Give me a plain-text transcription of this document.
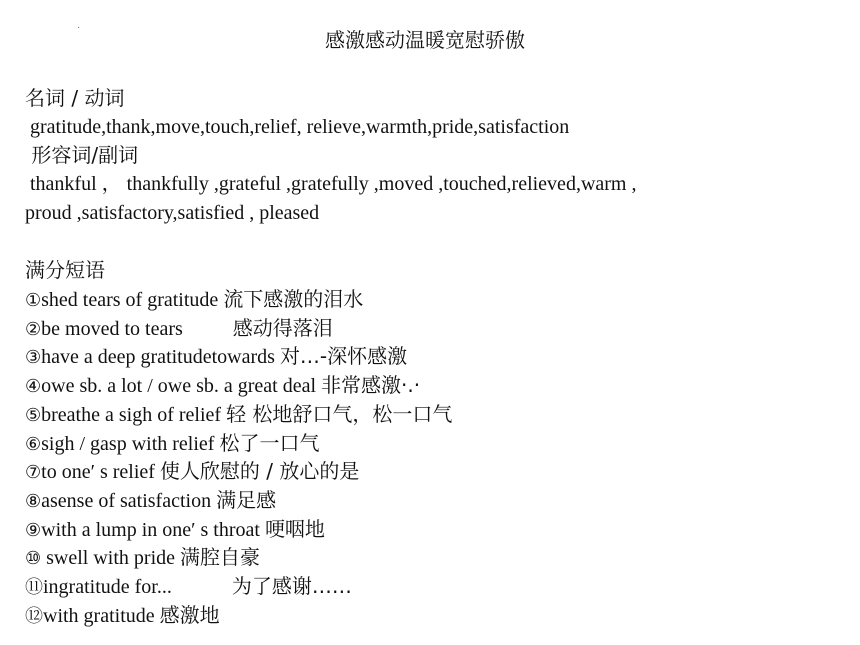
·
感激感动温暖宽慰骄傲
名词 / 动词
gratitude,thank,move,touch,relief, relieve,warmth,pride,satisfaction
形容词/副词
thankful ， thankfully ,grateful ,gratefully ,moved ,touched,relieved,warm ,
proud ,satisfactory,satisfied , pleased
满分短语
①shed tears of gratitude 流下感激的泪水
②be moved to tears          感动得落泪
③have a deep gratitudetowards 对…-深怀感激
④owe sb. a lot / owe sb. a great deal 非常感激·.·
⑤breathe a sigh of relief 轻 松地舒口气，松一口气
⑥sigh / gasp with relief 松了一口气
⑦to one′ s relief 使人欣慰的 / 放心的是
⑧asense of satisfaction 满足感
⑨with a lump in one′ s throat 哽咽地
⑩ swell with pride 满腔自豪
⑪ingratitude for...            为了感谢……
⑫with gratitude 感激地
